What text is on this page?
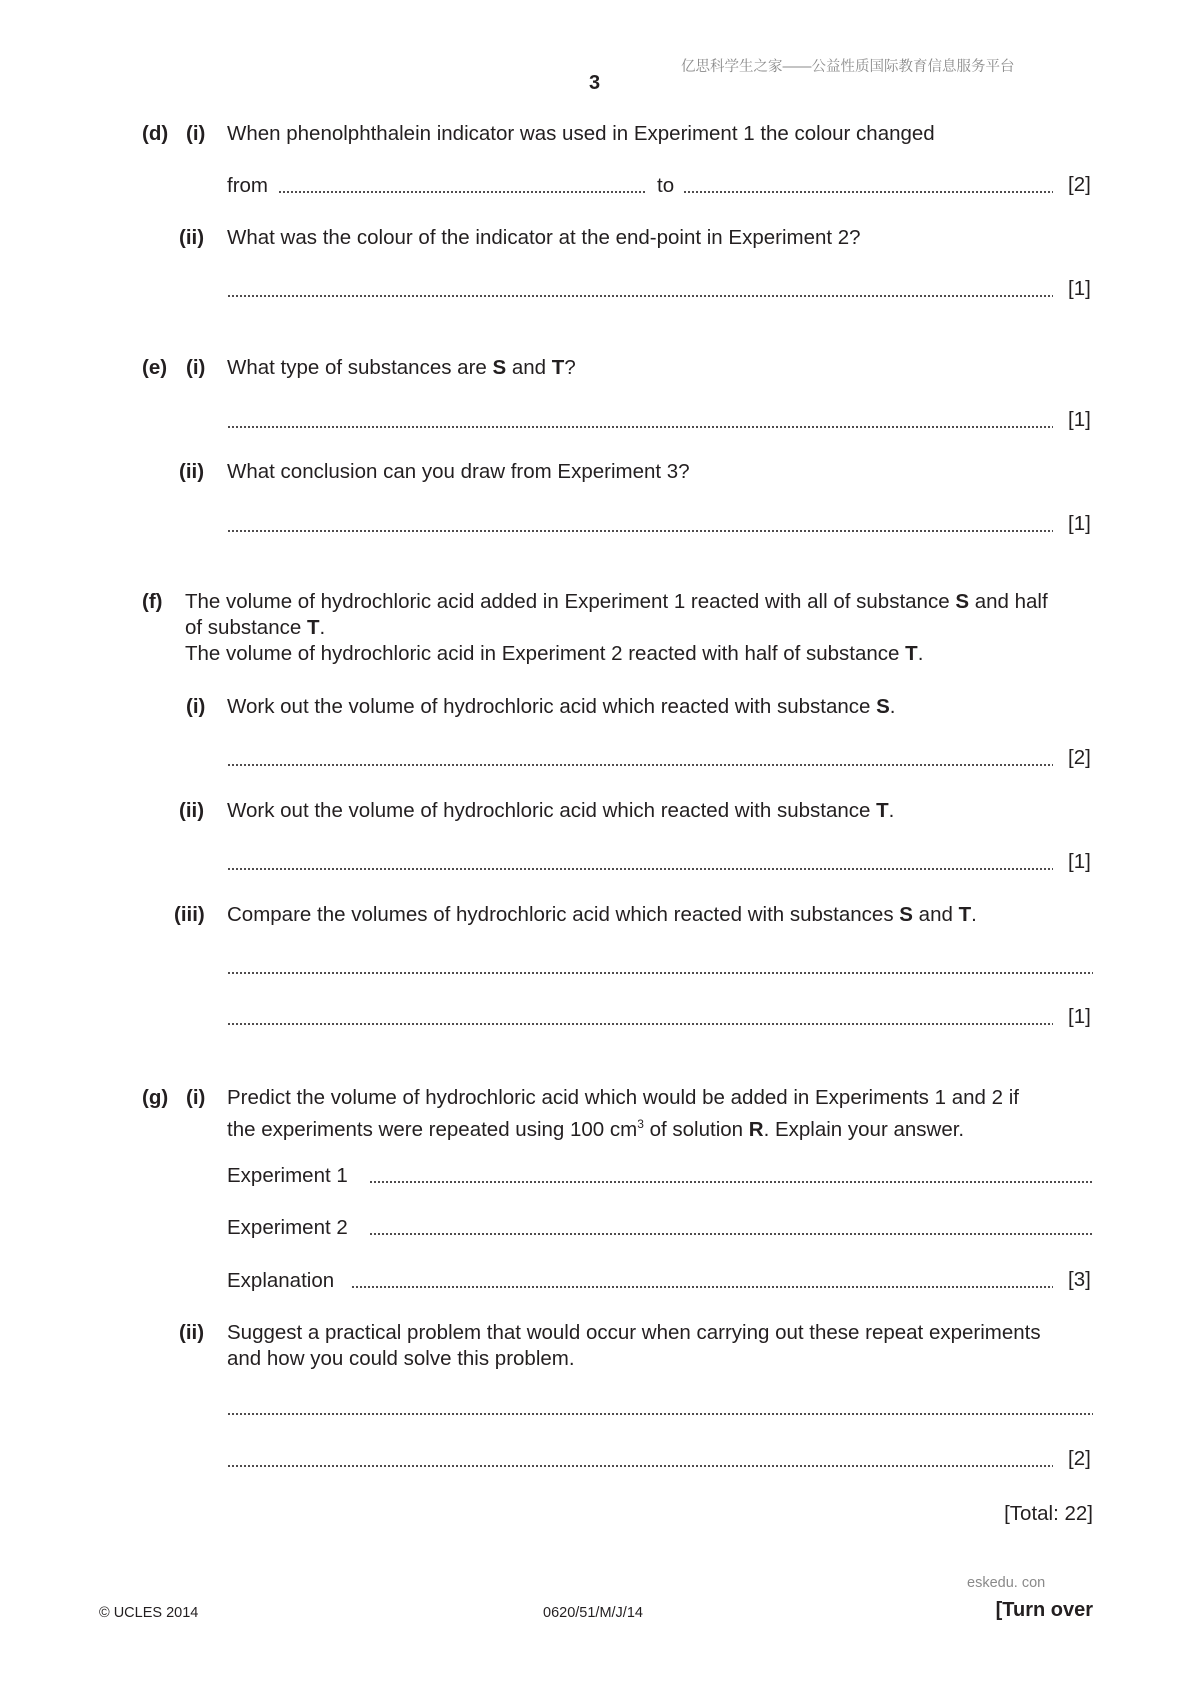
亿思科学生之家——公益性质国际教育信息服务平台
3
(d) (i) When phenolphthalein indicator was used in Experiment 1 the colour changed
from	to	[2]
(ii) What was the colour of the indicator at the end-point in Experiment 2?
[1]
(e) (i) What type of substances are S and T?
[1]
(ii) What conclusion can you draw from Experiment 3?
[1]
(f) The volume of hydrochloric acid added in Experiment 1 reacted with all of substance S and half
of substance T.
The volume of hydrochloric acid in Experiment 2 reacted with half of substance T.
(i) Work out the volume of hydrochloric acid which reacted with substance S.
[2]
(ii) Work out the volume of hydrochloric acid which reacted with substance T.
[1]
(iii) Compare the volumes of hydrochloric acid which reacted with substances S and T.
[1]
(g) (i) Predict the volume of hydrochloric acid which would be added in Experiments 1 and 2 if
the experiments were repeated using 100 $cm^3$ of solution R. Explain your answer.
Experiment 1
Experiment 2
Explanation	[3]
(ii) Suggest a practical problem that would occur when carrying out these repeat experiments
and how you could solve this problem.
[2]
[Total: 22]
eskedu. con
© UCLES 2014	0620/51/M/J/14	[Turn over
